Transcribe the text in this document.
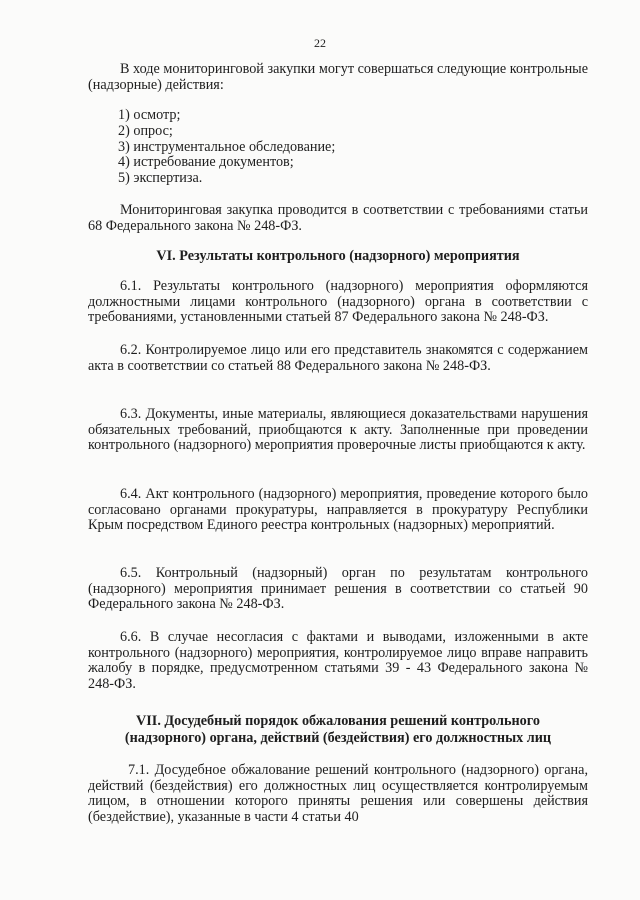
22

В ходе мониторинговой закупки могут совершаться следующие контрольные (надзорные) действия:

1) осмотр;
2) опрос;
3) инструментальное обследование;
4) истребование документов;
5) экспертиза.

Мониторинговая закупка проводится в соответствии с требованиями статьи 68 Федерального закона № 248-ФЗ.

VI. Результаты контрольного (надзорного) мероприятия

6.1. Результаты контрольного (надзорного) мероприятия оформляются должностными лицами контрольного (надзорного) органа в соответствии с требованиями, установленными статьей 87 Федерального закона № 248-ФЗ.

6.2. Контролируемое лицо или его представитель знакомятся с содержанием акта в соответствии со статьей 88 Федерального закона № 248-ФЗ.

6.3. Документы, иные материалы, являющиеся доказательствами нарушения обязательных требований, приобщаются к акту. Заполненные при проведении контрольного (надзорного) мероприятия проверочные листы приобщаются к акту.

6.4. Акт контрольного (надзорного) мероприятия, проведение которого было согласовано органами прокуратуры, направляется в прокуратуру Республики Крым посредством Единого реестра контрольных (надзорных) мероприятий.

6.5. Контрольный (надзорный) орган по результатам контрольного (надзорного) мероприятия принимает решения в соответствии со статьей 90 Федерального закона № 248-ФЗ.

6.6. В случае несогласия с фактами и выводами, изложенными в акте контрольного (надзорного) мероприятия, контролируемое лицо вправе направить жалобу в порядке, предусмотренном статьями 39 - 43 Федерального закона № 248-ФЗ.

VII. Досудебный порядок обжалования решений контрольного
(надзорного) органа, действий (бездействия) его должностных лиц

7.1. Досудебное обжалование решений контрольного (надзорного) органа, действий (бездействия) его должностных лиц осуществляется контролируемым лицом, в отношении которого приняты решения или совершены действия (бездействие), указанные в части 4 статьи 40
